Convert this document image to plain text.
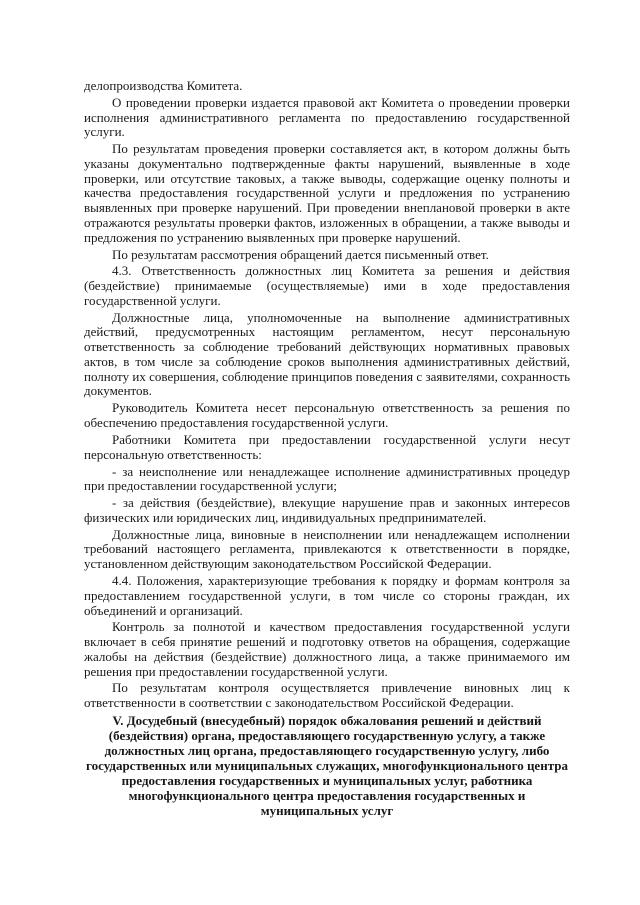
делопроизводства Комитета.

О проведении проверки издается правовой акт Комитета о проведении проверки исполнения административного регламента по предоставлению государственной услуги.

По результатам проведения проверки составляется акт, в котором должны быть указаны документально подтвержденные факты нарушений, выявленные в ходе проверки, или отсутствие таковых, а также выводы, содержащие оценку полноты и качества предоставления государственной услуги и предложения по устранению выявленных при проверке нарушений. При проведении внеплановой проверки в акте отражаются результаты проверки фактов, изложенных в обращении, а также выводы и предложения по устранению выявленных при проверке нарушений.

По результатам рассмотрения обращений дается письменный ответ.

4.3. Ответственность должностных лиц Комитета за решения и действия (бездействие) принимаемые (осуществляемые) ими в ходе предоставления государственной услуги.

Должностные лица, уполномоченные на выполнение административных действий, предусмотренных настоящим регламентом, несут персональную ответственность за соблюдение требований действующих нормативных правовых актов, в том числе за соблюдение сроков выполнения административных действий, полноту их совершения, соблюдение принципов поведения с заявителями, сохранность документов.

Руководитель Комитета несет персональную ответственность за решения по обеспечению предоставления государственной услуги.

Работники Комитета при предоставлении государственной услуги несут персональную ответственность:

- за неисполнение или ненадлежащее исполнение административных процедур при предоставлении государственной услуги;

- за действия (бездействие), влекущие нарушение прав и законных интересов физических или юридических лиц, индивидуальных предпринимателей.

Должностные лица, виновные в неисполнении или ненадлежащем исполнении требований настоящего регламента, привлекаются к ответственности в порядке, установленном действующим законодательством Российской Федерации.

4.4. Положения, характеризующие требования к порядку и формам контроля за предоставлением государственной услуги, в том числе со стороны граждан, их объединений и организаций.

Контроль за полнотой и качеством предоставления государственной услуги включает в себя принятие решений и подготовку ответов на обращения, содержащие жалобы на действия (бездействие) должностного лица, а также принимаемого им решения при предоставлении государственной услуги.

По результатам контроля осуществляется привлечение виновных лиц к ответственности в соответствии с законодательством Российской Федерации.

V. Досудебный (внесудебный) порядок обжалования решений и действий (бездействия) органа, предоставляющего государственную услугу, а также должностных лиц органа, предоставляющего государственную услугу, либо государственных или муниципальных служащих, многофункционального центра предоставления государственных и муниципальных услуг, работника многофункционального центра предоставления государственных и муниципальных услуг
